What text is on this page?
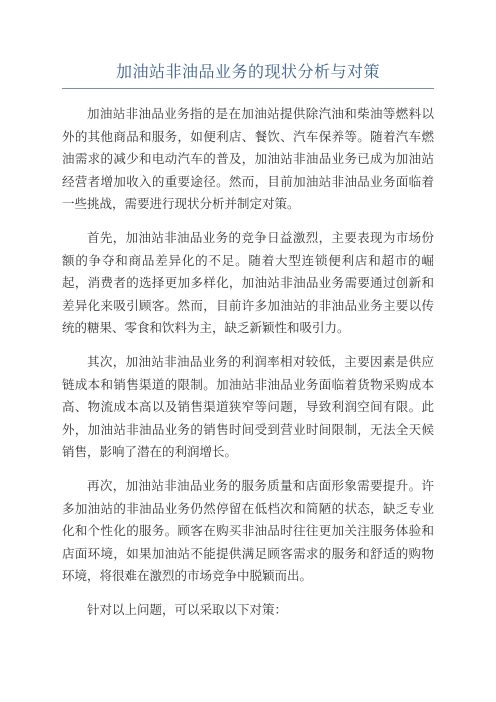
加油站非油品业务的现状分析与对策

加油站非油品业务指的是在加油站提供除汽油和柴油等燃料以外的其他商品和服务，如便利店、餐饮、汽车保养等。随着汽车燃油需求的减少和电动汽车的普及，加油站非油品业务已成为加油站经营者增加收入的重要途径。然而，目前加油站非油品业务面临着一些挑战，需要进行现状分析并制定对策。

首先，加油站非油品业务的竞争日益激烈，主要表现为市场份额的争夺和商品差异化的不足。随着大型连锁便利店和超市的崛起，消费者的选择更加多样化，加油站非油品业务需要通过创新和差异化来吸引顾客。然而，目前许多加油站的非油品业务主要以传统的糖果、零食和饮料为主，缺乏新颖性和吸引力。

其次，加油站非油品业务的利润率相对较低，主要因素是供应链成本和销售渠道的限制。加油站非油品业务面临着货物采购成本高、物流成本高以及销售渠道狭窄等问题，导致利润空间有限。此外，加油站非油品业务的销售时间受到营业时间限制，无法全天候销售，影响了潜在的利润增长。

再次，加油站非油品业务的服务质量和店面形象需要提升。许多加油站的非油品业务仍然停留在低档次和简陋的状态，缺乏专业化和个性化的服务。顾客在购买非油品时往往更加关注服务体验和店面环境，如果加油站不能提供满足顾客需求的服务和舒适的购物环境，将很难在激烈的市场竞争中脱颖而出。

针对以上问题，可以采取以下对策：
